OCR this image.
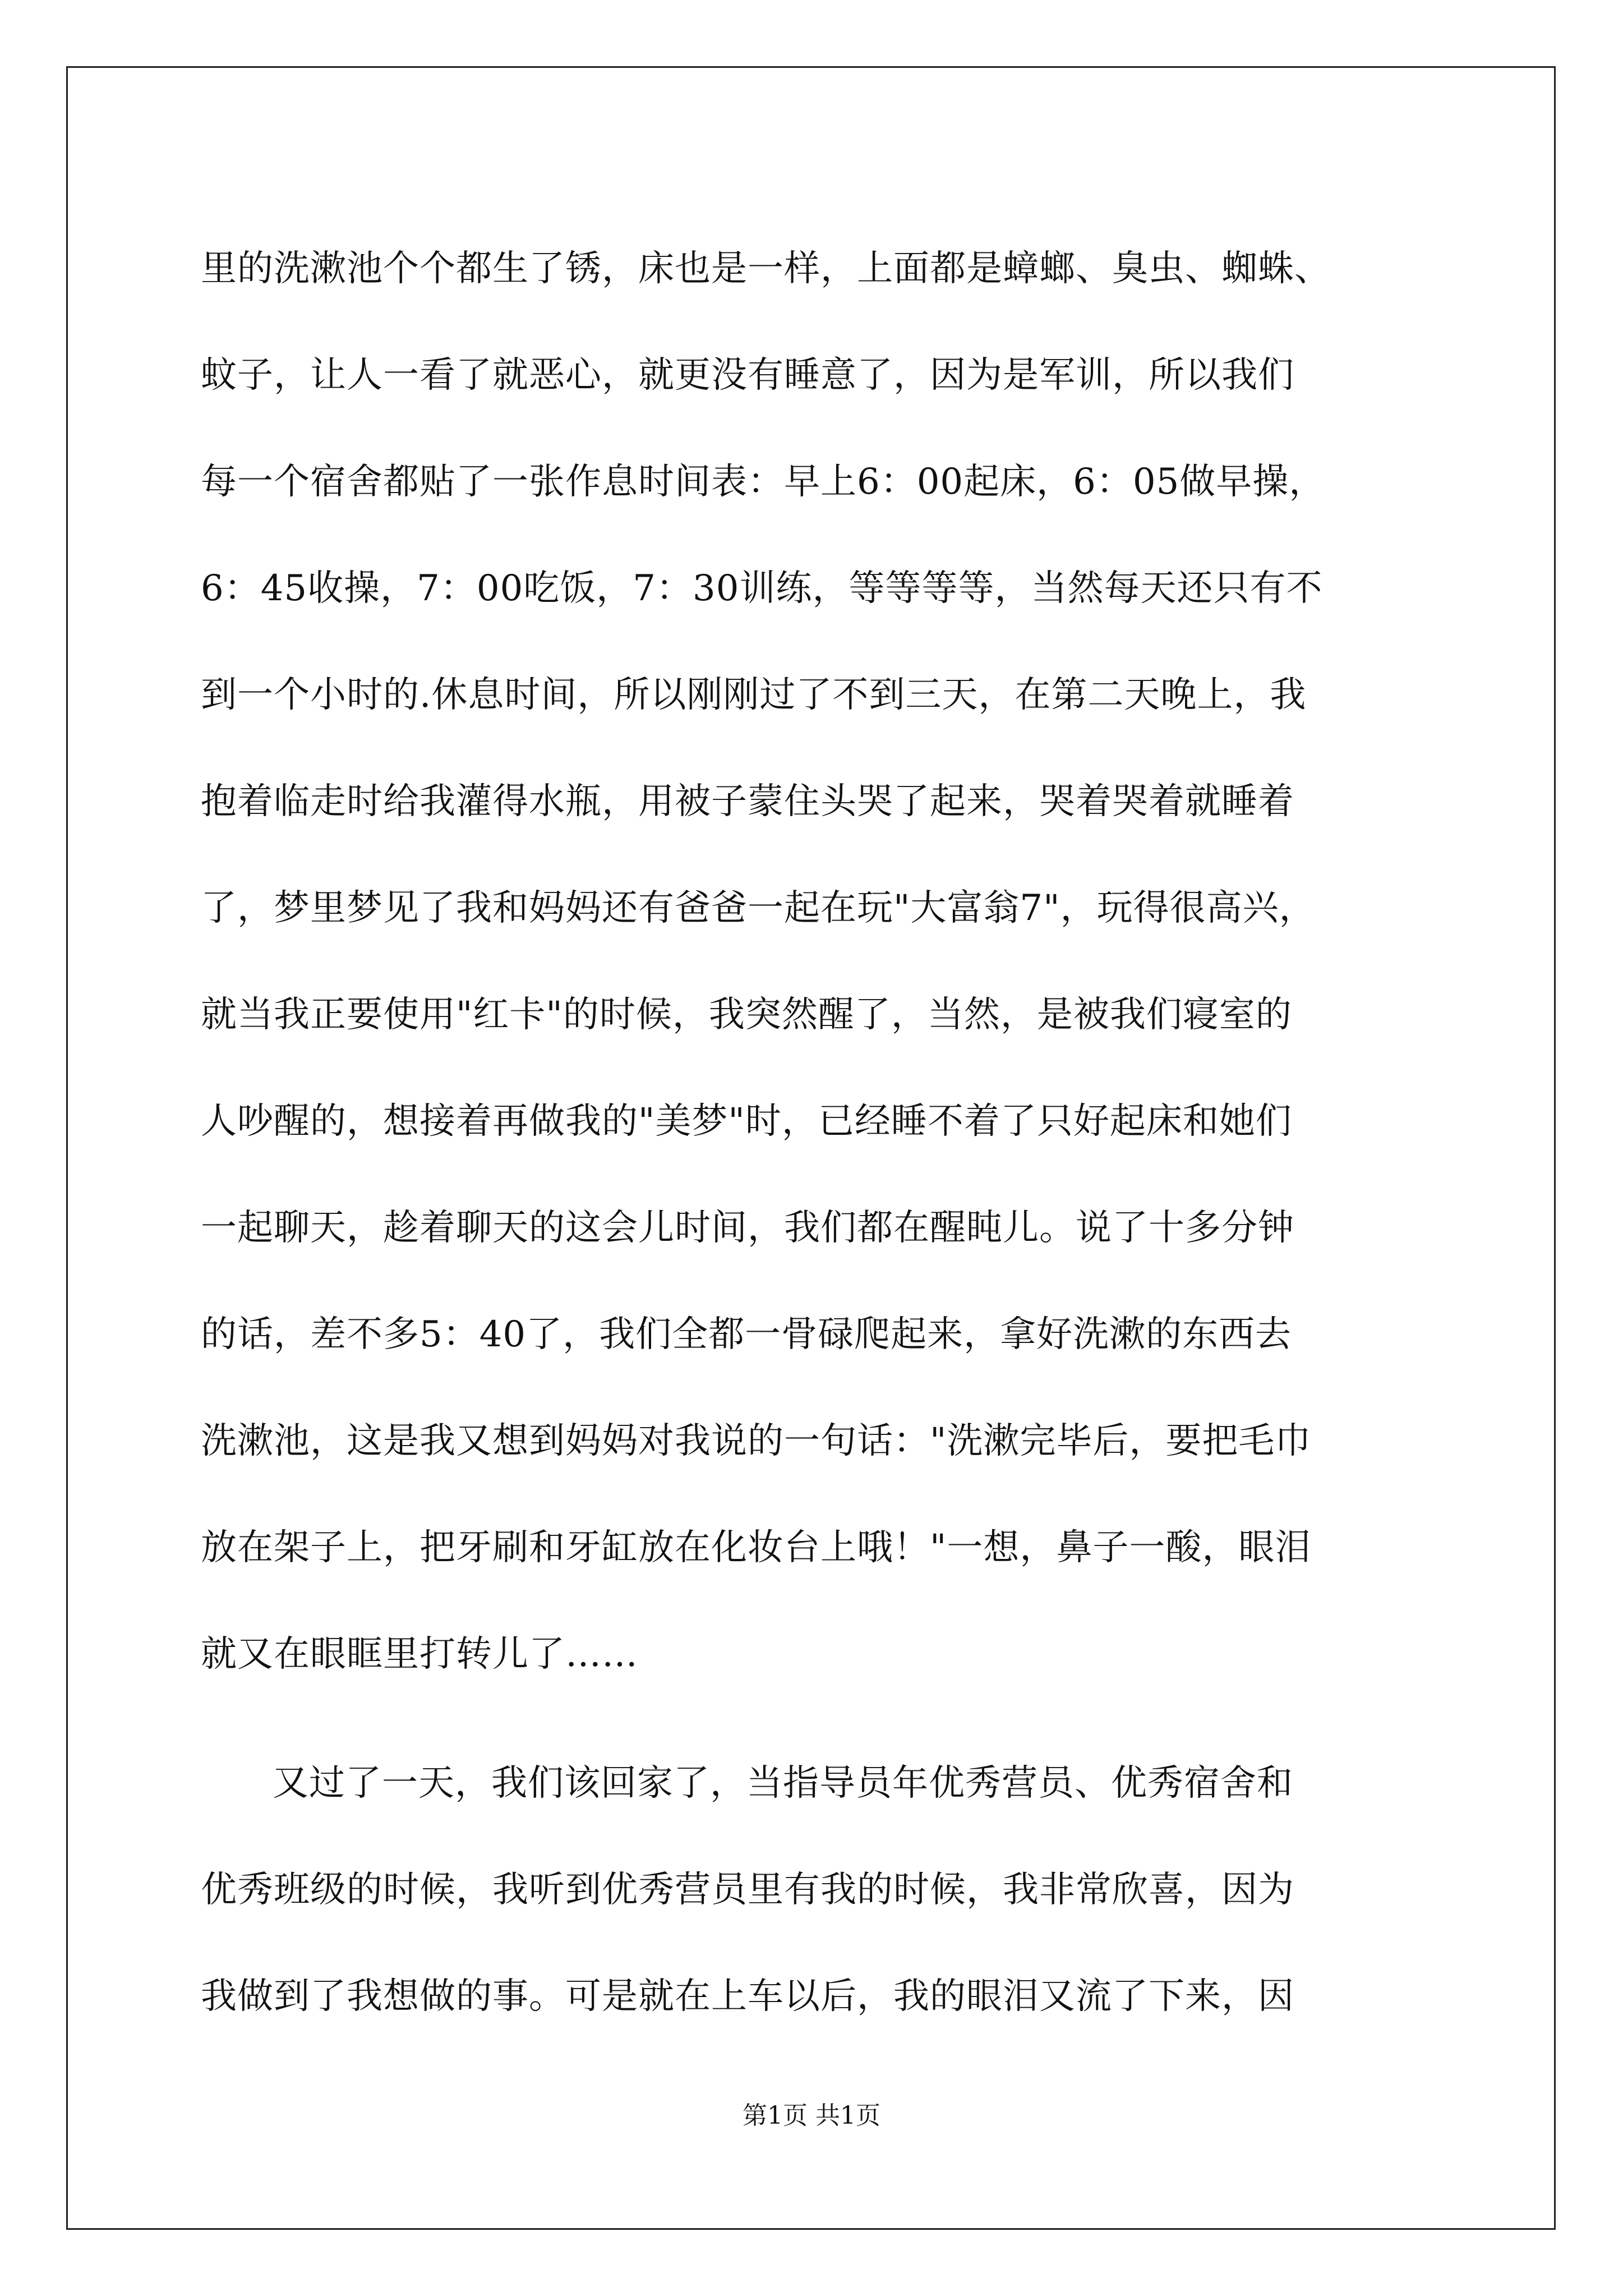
里的洗漱池个个都生了锈，床也是一样，上面都是蟑螂、臭虫、蜘蛛、
蚊子，让人一看了就恶心，就更没有睡意了，因为是军训，所以我们
每一个宿舍都贴了一张作息时间表：早上6：00起床，6：05做早操，
6：45收操，7：00吃饭，7：30训练，等等等等，当然每天还只有不
到一个小时的.休息时间，所以刚刚过了不到三天，在第二天晚上，我
抱着临走时给我灌得水瓶，用被子蒙住头哭了起来，哭着哭着就睡着
了，梦里梦见了我和妈妈还有爸爸一起在玩"大富翁7"，玩得很高兴，
就当我正要使用"红卡"的时候，我突然醒了，当然，是被我们寝室的
人吵醒的，想接着再做我的"美梦"时，已经睡不着了只好起床和她们
一起聊天，趁着聊天的这会儿时间，我们都在醒盹儿。说了十多分钟
的话，差不多5：40了，我们全都一骨碌爬起来，拿好洗漱的东西去
洗漱池，这是我又想到妈妈对我说的一句话："洗漱完毕后，要把毛巾
放在架子上，把牙刷和牙缸放在化妆台上哦！"一想，鼻子一酸，眼泪
就又在眼眶里打转儿了……
又过了一天，我们该回家了，当指导员年优秀营员、优秀宿舍和
优秀班级的时候，我听到优秀营员里有我的时候，我非常欣喜，因为
我做到了我想做的事。可是就在上车以后，我的眼泪又流了下来，因
第1页 共1页
